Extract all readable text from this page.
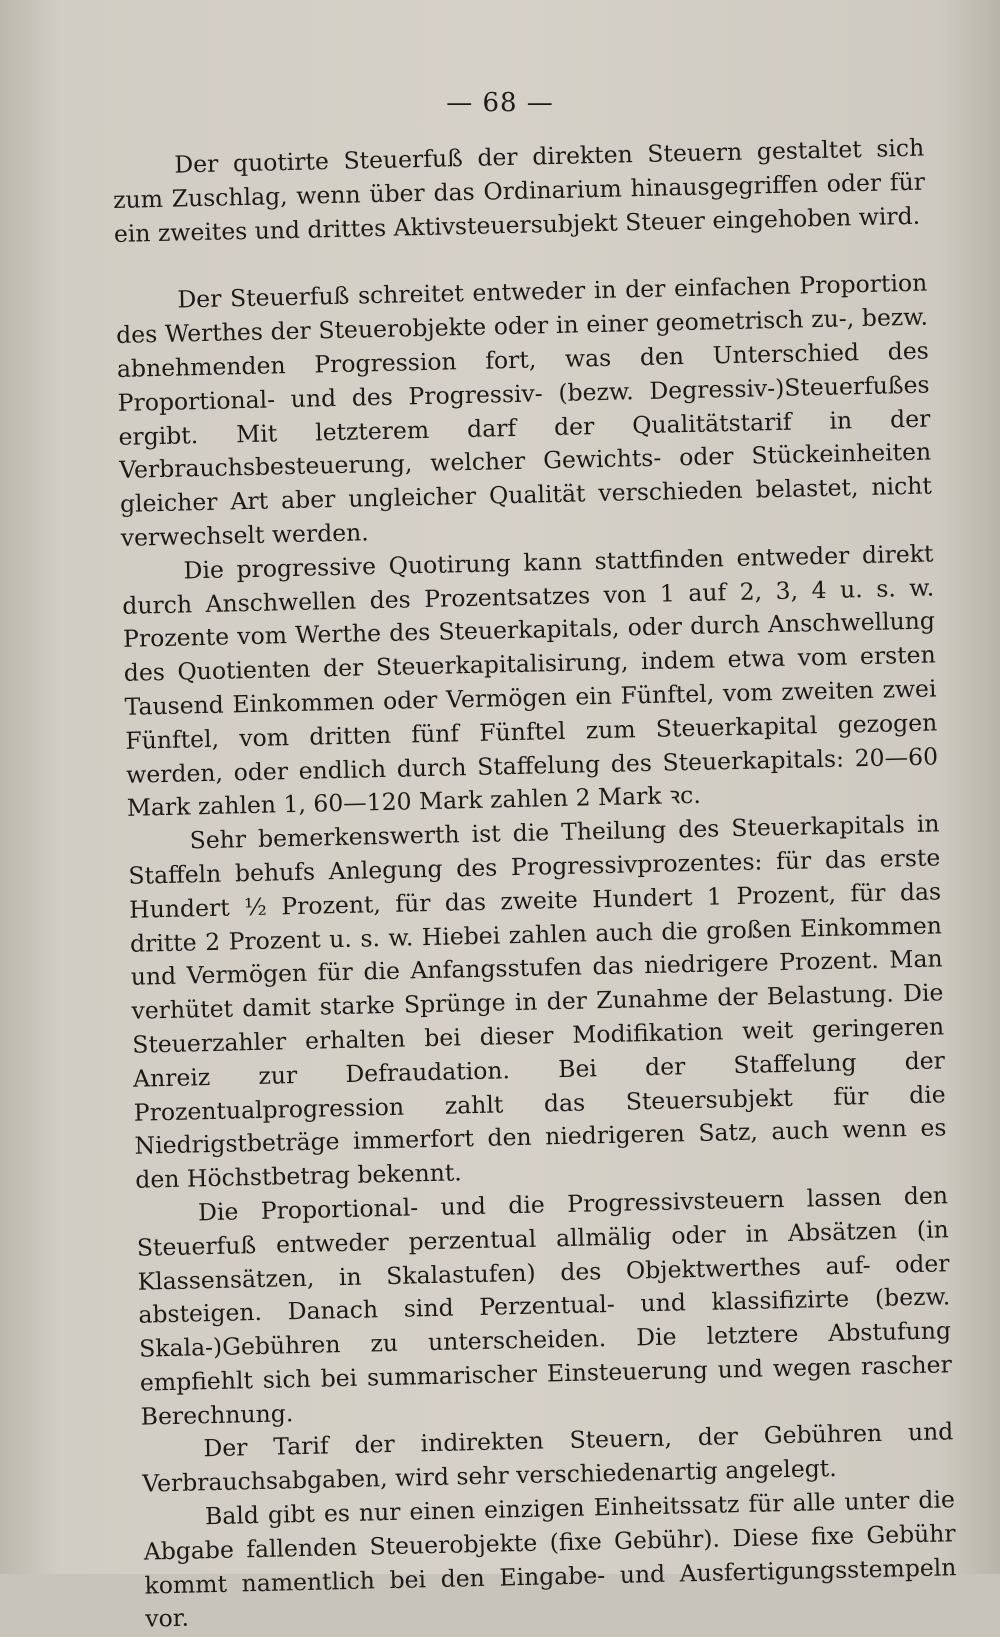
— 68 —

Der quotirte Steuerfuß der direkten Steuern gestaltet sich zum Zuschlag, wenn über das Ordinarium hinausgegriffen oder für ein zweites und drittes Aktivsteuersubjekt Steuer eingehoben wird.

Der Steuerfuß schreitet entweder in der einfachen Proportion des Werthes der Steuerobjekte oder in einer geometrisch zu-, bezw. abnehmenden Progression fort, was den Unterschied des Proportional- und des Progressiv- (bezw. Degressiv-)Steuerfußes ergibt. Mit letzterem darf der Qualitätstarif in der Verbrauchsbesteuerung, welcher Gewichts- oder Stückeinheiten gleicher Art aber ungleicher Qualität verschieden belastet, nicht verwechselt werden.

Die progressive Quotirung kann stattfinden entweder direkt durch Anschwellen des Prozentsatzes von 1 auf 2, 3, 4 u. s. w. Prozente vom Werthe des Steuerkapitals, oder durch Anschwellung des Quotienten der Steuerkapitalisirung, indem etwa vom ersten Tausend Einkommen oder Vermögen ein Fünftel, vom zweiten zwei Fünftel, vom dritten fünf Fünftel zum Steuerkapital gezogen werden, oder endlich durch Staffelung des Steuerkapitals: 20—60 Mark zahlen 1, 60—120 Mark zahlen 2 Mark ꝛc.

Sehr bemerkenswerth ist die Theilung des Steuerkapitals in Staffeln behufs Anlegung des Progressivprozentes: für das erste Hundert ½ Prozent, für das zweite Hundert 1 Prozent, für das dritte 2 Prozent u. s. w. Hiebei zahlen auch die großen Einkommen und Vermögen für die Anfangsstufen das niedrigere Prozent. Man verhütet damit starke Sprünge in der Zunahme der Belastung. Die Steuerzahler erhalten bei dieser Modifikation weit geringeren Anreiz zur Defraudation. Bei der Staffelung der Prozentualprogression zahlt das Steuersubjekt für die Niedrigstbeträge immerfort den niedrigeren Satz, auch wenn es den Höchstbetrag bekennt.

Die Proportional- und die Progressivsteuern lassen den Steuerfuß entweder perzentual allmälig oder in Absätzen (in Klassensätzen, in Skalastufen) des Objektwerthes auf- oder absteigen. Danach sind Perzentual- und klassifizirte (bezw. Skala-)Gebühren zu unterscheiden. Die letztere Abstufung empfiehlt sich bei summarischer Einsteuerung und wegen rascher Berechnung.

Der Tarif der indirekten Steuern, der Gebühren und Verbrauchsabgaben, wird sehr verschiedenartig angelegt.

Bald gibt es nur einen einzigen Einheitssatz für alle unter die Abgabe fallenden Steuerobjekte (fixe Gebühr). Diese fixe Gebühr kommt namentlich bei den Eingabe- und Ausfertigungsstempeln vor.
